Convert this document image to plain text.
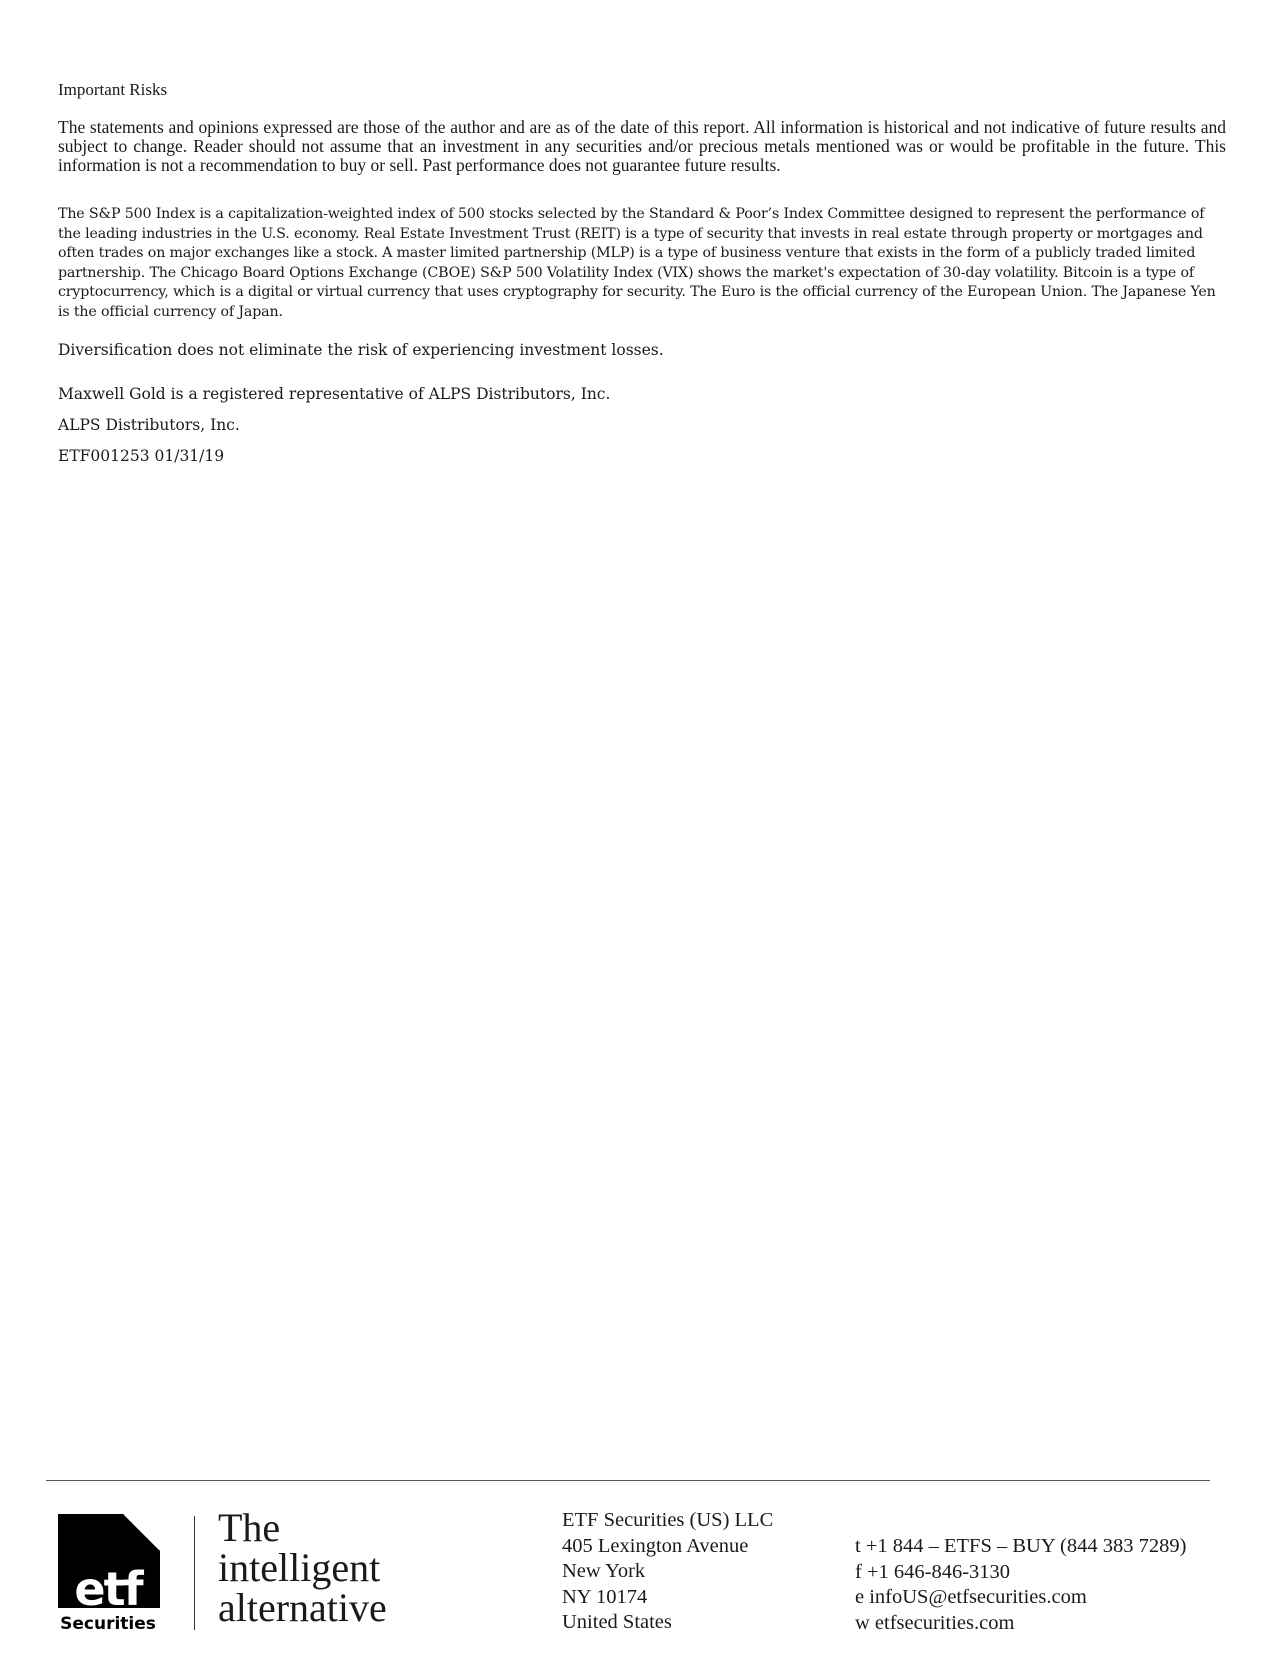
Important Risks
The statements and opinions expressed are those of the author and are as of the date of this report. All information is historical and not indicative of future results and subject to change. Reader should not assume that an investment in any securities and/or precious metals mentioned was or would be profitable in the future. This information is not a recommendation to buy or sell. Past performance does not guarantee future results.
The S&P 500 Index is a capitalization-weighted index of 500 stocks selected by the Standard & Poor’s Index Committee designed to represent the performance of the leading industries in the U.S. economy. Real Estate Investment Trust (REIT) is a type of security that invests in real estate through property or mortgages and often trades on major exchanges like a stock. A master limited partnership (MLP) is a type of business venture that exists in the form of a publicly traded limited partnership. The Chicago Board Options Exchange (CBOE) S&P 500 Volatility Index (VIX) shows the market's expectation of 30-day volatility. Bitcoin is a type of cryptocurrency, which is a digital or virtual currency that uses cryptography for security. The Euro is the official currency of the European Union. The Japanese Yen is the official currency of Japan.
Diversification does not eliminate the risk of experiencing investment losses.
Maxwell Gold is a registered representative of ALPS Distributors, Inc.
ALPS Distributors, Inc.
ETF001253 01/31/19
etf
Securities
The
intelligent
alternative
ETF Securities (US) LLC
405 Lexington Avenue
New York
NY 10174
United States
t +1 844 – ETFS – BUY (844 383 7289)
f +1 646-846-3130
e infoUS@etfsecurities.com
w etfsecurities.com
